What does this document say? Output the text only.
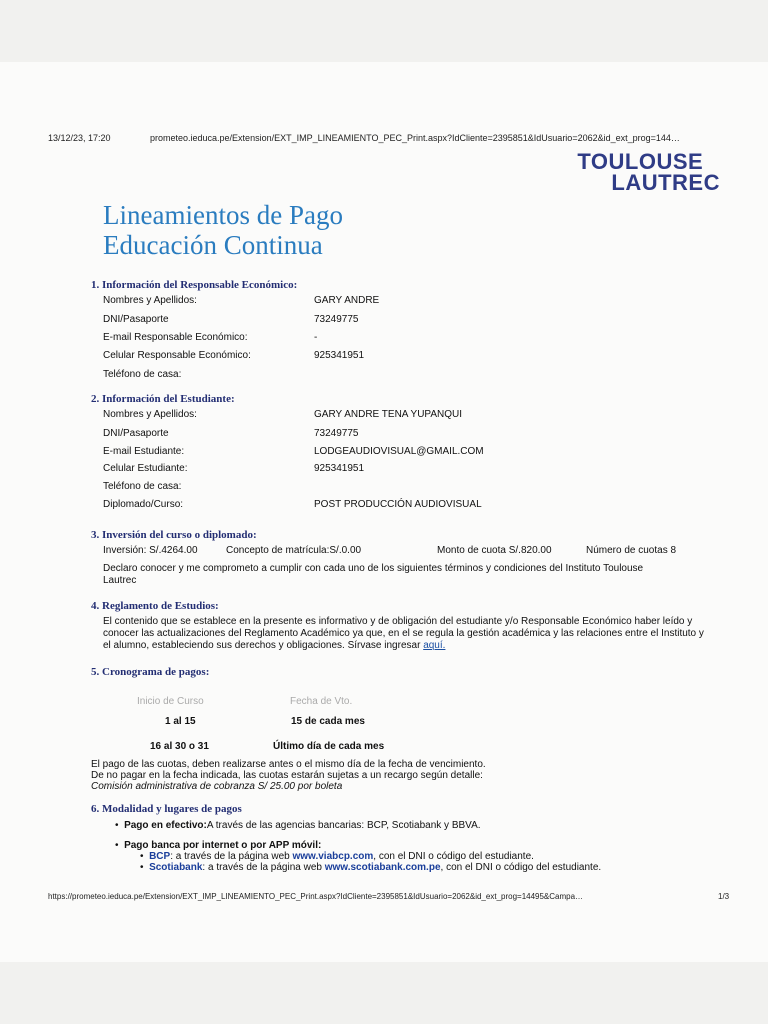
13/12/23, 17:20	prometeo.ieduca.pe/Extension/EXT_IMP_LINEAMIENTO_PEC_Print.aspx?IdCliente=2395851&IdUsuario=2062&id_ext_prog=144…
TOULOUSE
LAUTREC
Lineamientos de Pago
Educación Continua
1. Información del Responsable Económico:
Nombres y Apellidos:	GARY ANDRE
DNI/Pasaporte	73249775
E-mail Responsable Económico:	-
Celular Responsable Económico:	925341951
Teléfono de casa:
2. Información del Estudiante:
Nombres y Apellidos:	GARY ANDRE TENA YUPANQUI
DNI/Pasaporte	73249775
E-mail Estudiante:	LODGEAUDIOVISUAL@GMAIL.COM
Celular Estudiante:	925341951
Teléfono de casa:
Diplomado/Curso:	POST PRODUCCIÓN AUDIOVISUAL
3. Inversión del curso o diplomado:
Inversión: S/.4264.00	Concepto de matrícula:S/.0.00	Monto de cuota S/.820.00	Número de cuotas 8
Declaro conocer y me comprometo a cumplir con cada uno de los siguientes términos y condiciones del Instituto Toulouse Lautrec
4. Reglamento de Estudios:
El contenido que se establece en la presente es informativo y de obligación del estudiante y/o Responsable Económico haber leído y conocer las actualizaciones del Reglamento Académico ya que, en el se regula la gestión académica y las relaciones entre el Instituto y el alumno, estableciendo sus derechos y obligaciones. Sírvase ingresar aquí.
5. Cronograma de pagos:
Inicio de Curso	Fecha de Vto.
1 al 15	15 de cada mes
16 al 30 o 31	Último día de cada mes
El pago de las cuotas, deben realizarse antes o el mismo día de la fecha de vencimiento.
De no pagar en la fecha indicada, las cuotas estarán sujetas a un recargo según detalle:
Comisión administrativa de cobranza S/ 25.00 por boleta
6. Modalidad y lugares de pagos
•  Pago en efectivo:A través de las agencias bancarias: BCP, Scotiabank y BBVA.
•  Pago banca por internet o por APP móvil:
•  BCP: a través de la página web www.viabcp.com, con el DNI o código del estudiante.
•  Scotiabank: a través de la página web www.scotiabank.com.pe, con el DNI o código del estudiante.
https://prometeo.ieduca.pe/Extension/EXT_IMP_LINEAMIENTO_PEC_Print.aspx?IdCliente=2395851&IdUsuario=2062&id_ext_prog=14495&Campa…	1/3
